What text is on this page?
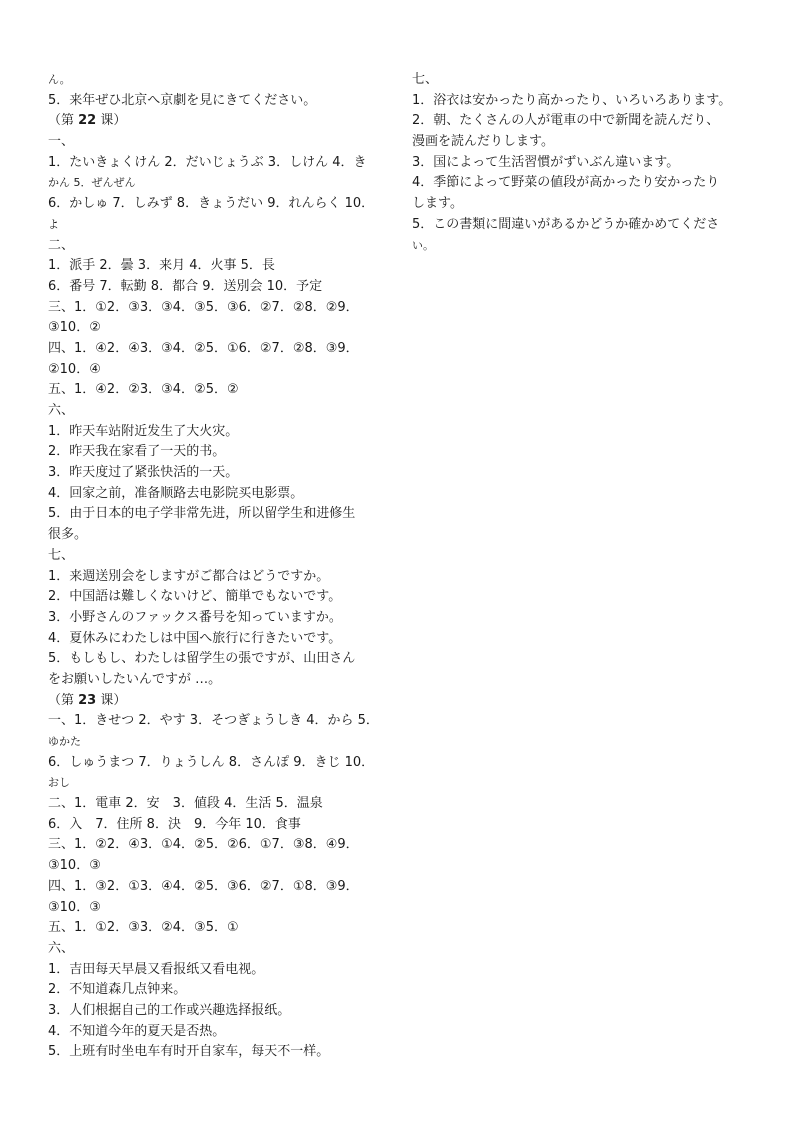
ん。
5．来年ぜひ北京へ京劇を見にきてください。
（第 22 课）
一、
1．たいきょくけん 2．だいじょうぶ 3．しけん 4．き
かん 5．ぜんぜん
6．かしゅ 7．しみず 8．きょうだい 9．れんらく 10．
よ
二、
1．派手 2．曇 3．来月 4．火事 5．長
6．番号 7．転勤 8．都合 9．送別会 10．予定
三、1．①2．③3．③4．③5．③6．②7．②8．②9．
③10．②
四、1．④2．④3．③4．②5．①6．②7．②8．③9．
②10．④
五、1．④2．②3．③4．②5．②
六、
1．昨天车站附近发生了大火灾。
2．昨天我在家看了一天的书。
3．昨天度过了紧张快活的一天。
4．回家之前，准备顺路去电影院买电影票。
5．由于日本的电子学非常先进，所以留学生和进修生
很多。
七、
1．来週送別会をしますがご都合はどうですか。
2．中国語は難しくないけど、簡単でもないです。
3．小野さんのファックス番号を知っていますか。
4．夏休みにわたしは中国へ旅行に行きたいです。
5．もしもし、わたしは留学生の張ですが、山田さん
をお願いしたいんですが …。
（第 23 课）
一、1．きせつ 2．やす 3．そつぎょうしき 4．から 5．
ゆかた
6．しゅうまつ 7．りょうしん 8．さんぽ 9．きじ 10．
おし
二、1．電車 2．安　3．値段 4．生活 5．温泉
6．入　7．住所 8．決　9．今年 10．食事
三、1．②2．④3．①4．②5．②6．①7．③8．④9．
③10．③
四、1．③2．①3．④4．②5．③6．②7．①8．③9．
③10．③
五、1．①2．③3．②4．③5．①
六、
1．吉田每天早晨又看报纸又看电视。
2．不知道森几点钟来。
3．人们根据自己的工作或兴趣选择报纸。
4．不知道今年的夏天是否热。
5．上班有时坐电车有时开自家车，每天不一样。
七、
1．浴衣は安かったり高かったり、いろいろあります。
2．朝、たくさんの人が電車の中で新聞を読んだり、
漫画を読んだりします。
3．国によって生活習慣がずいぶん違います。
4．季節によって野菜の値段が高かったり安かったり
します。
5．この書類に間違いがあるかどうか確かめてくださ
い。
